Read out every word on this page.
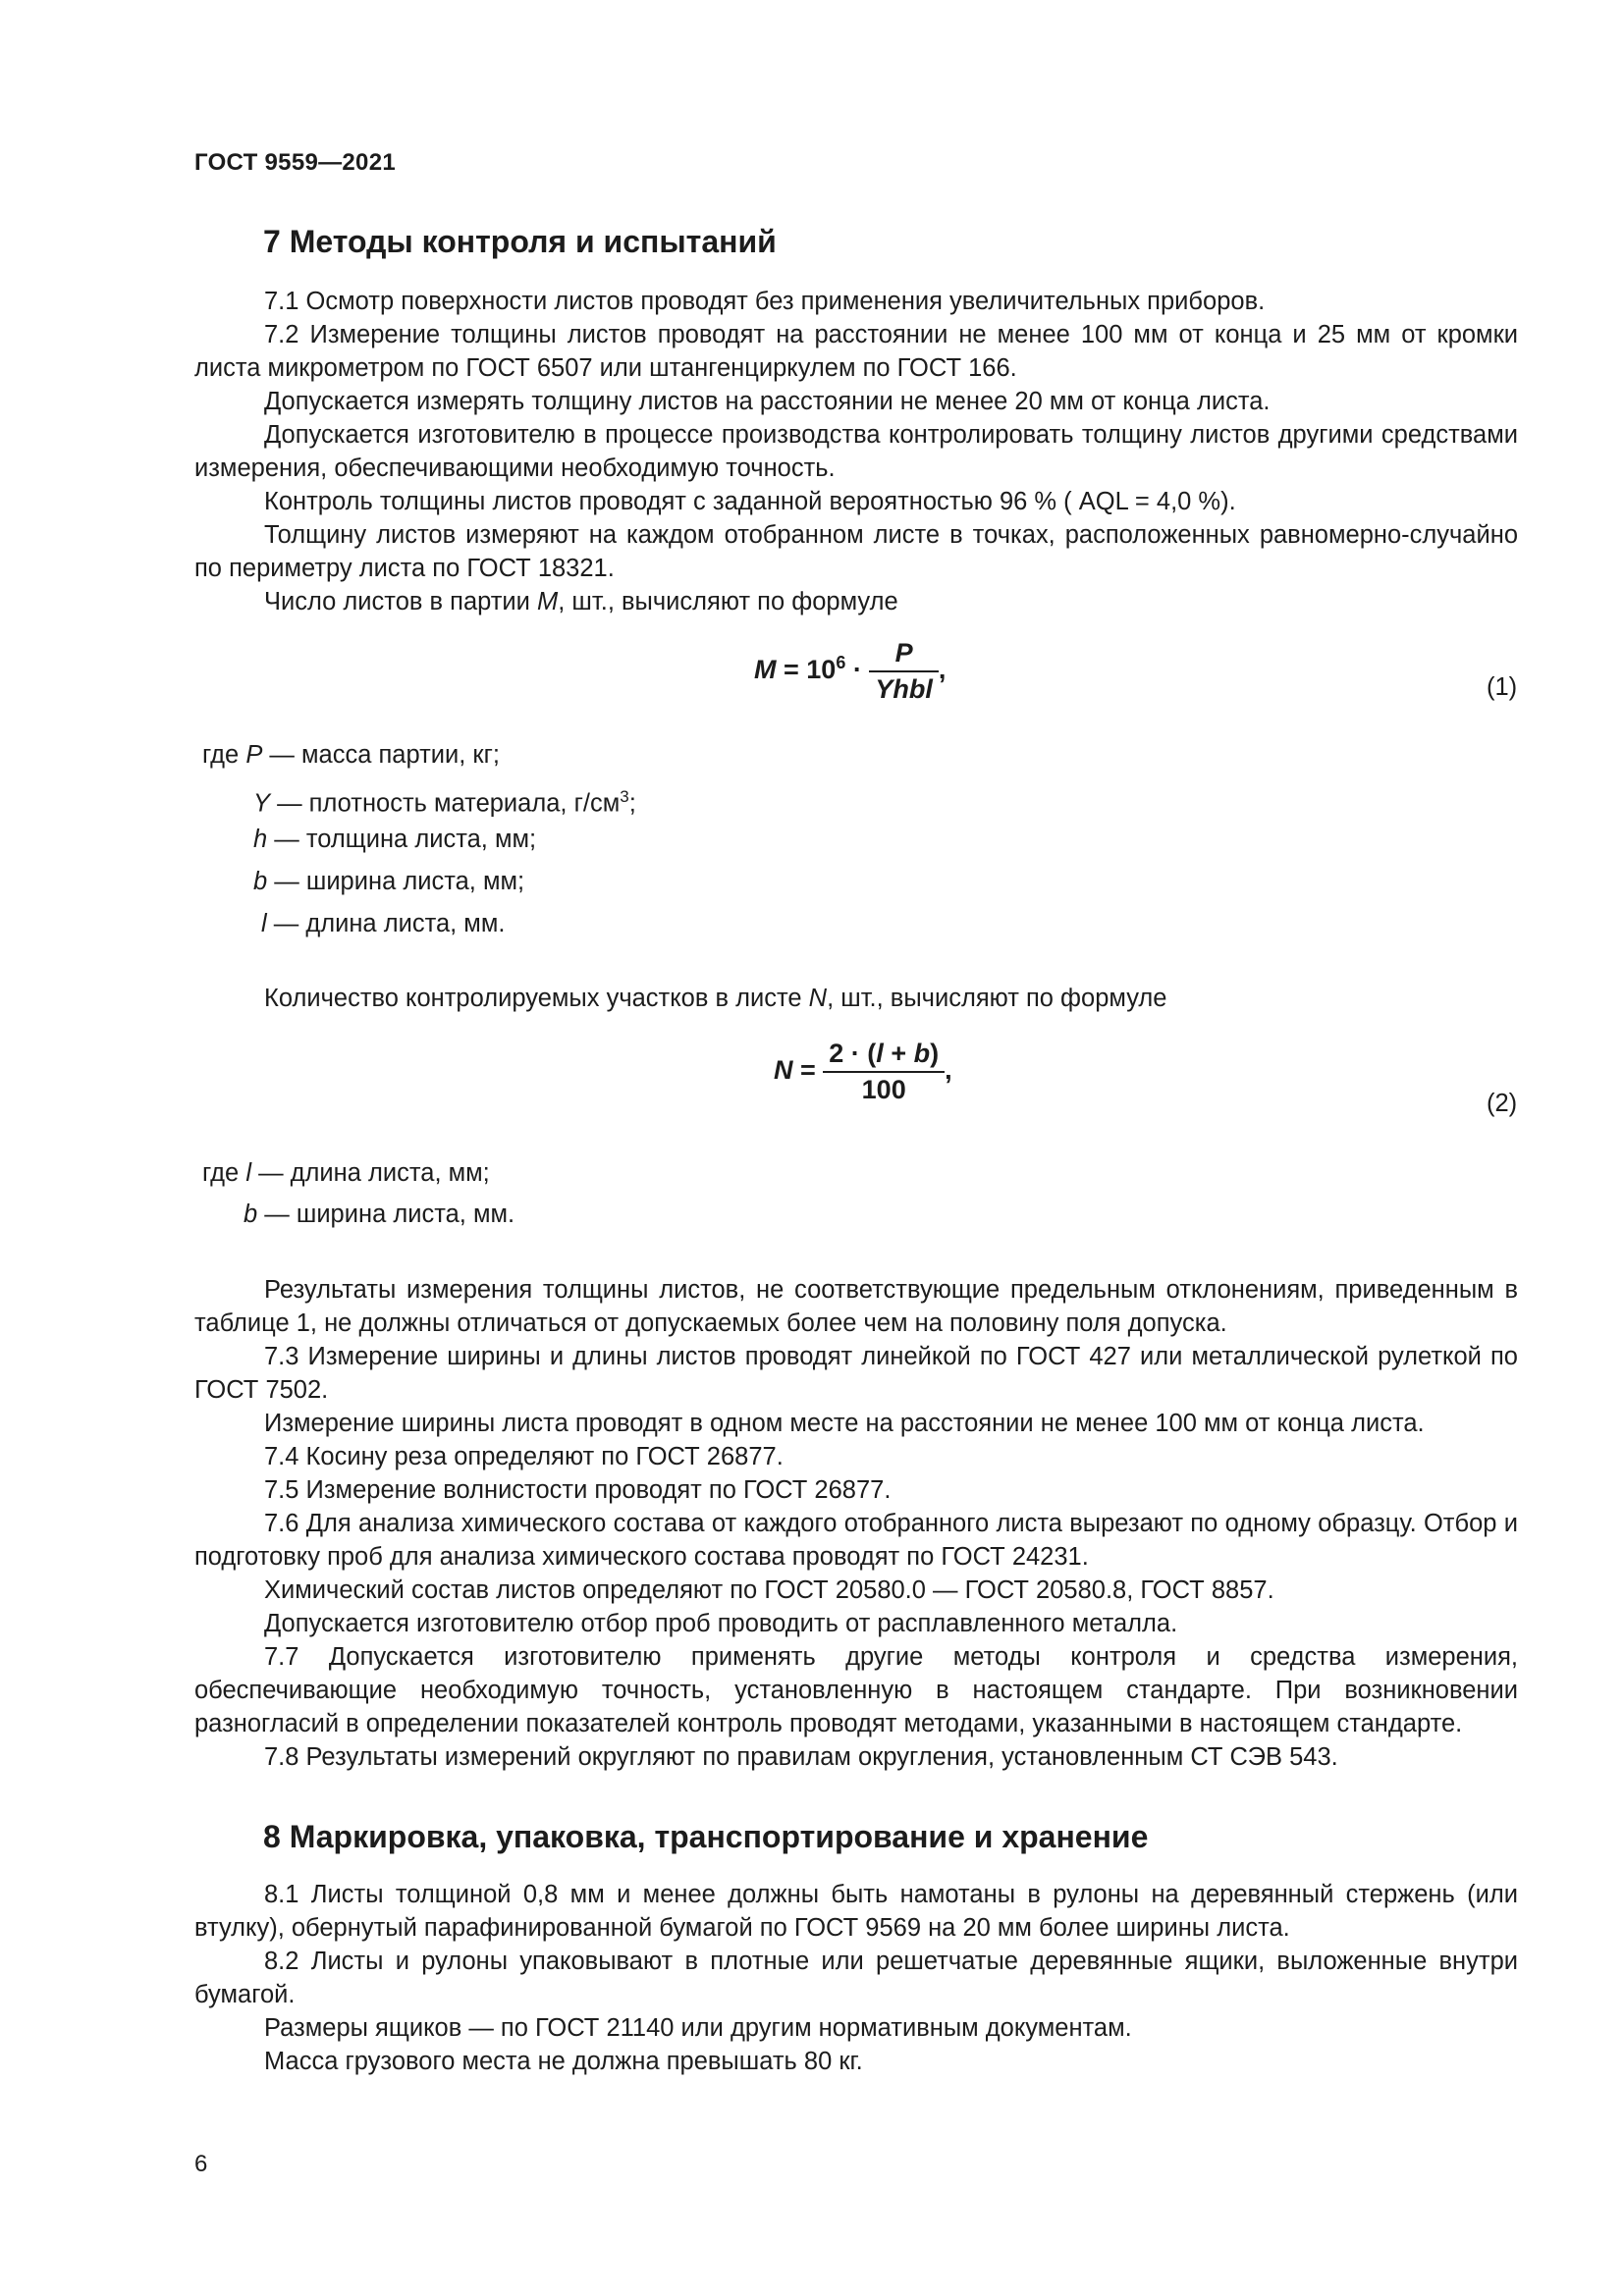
ГОСТ 9559—2021
7 Методы контроля и испытаний

7.1 Осмотр поверхности листов проводят без применения увеличительных приборов.

7.2 Измерение толщины листов проводят на расстоянии не менее 100 мм от конца и 25 мм от кромки листа микрометром по ГОСТ 6507 или штангенциркулем по ГОСТ 166.

Допускается измерять толщину листов на расстоянии не менее 20 мм от конца листа.

Допускается изготовителю в процессе производства контролировать толщину листов другими средствами измерения, обеспечивающими необходимую точность.

Контроль толщины листов проводят с заданной вероятностью 96 % ( AQL = 4,0 %).

Толщину листов измеряют на каждом отобранном листе в точках, расположенных равномерно-случайно по периметру листа по ГОСТ 18321.

Число листов в партии M, шт., вычисляют по формуле

$M = 10^6 \cdot \frac{P}{\text{Yhbl}}$ ,
(1)
где P — масса партии, кг;
Y — плотность материала, $г/см^3$;
h — толщина листа, мм;
b — ширина листа, мм;
l — длина листа, мм.

Количество контролируемых участков в листе N, шт., вычисляют по формуле

$N = \frac{2 \cdot (l + b)}{100}$ ,
(2)
где l — длина листа, мм;
b — ширина листа, мм.

Результаты измерения толщины листов, не соответствующие предельным отклонениям, приведенным в таблице 1, не должны отличаться от допускаемых более чем на половину поля допуска.

7.3 Измерение ширины и длины листов проводят линейкой по ГОСТ 427 или металлической рулеткой по ГОСТ 7502.

Измерение ширины листа проводят в одном месте на расстоянии не менее 100 мм от конца листа.

7.4 Косину реза определяют по ГОСТ 26877.

7.5 Измерение волнистости проводят по ГОСТ 26877.

7.6 Для анализа химического состава от каждого отобранного листа вырезают по одному образцу. Отбор и подготовку проб для анализа химического состава проводят по ГОСТ 24231.

Химический состав листов определяют по ГОСТ 20580.0 — ГОСТ 20580.8, ГОСТ 8857.

Допускается изготовителю отбор проб проводить от расплавленного металла.

7.7 Допускается изготовителю применять другие методы контроля и средства измерения, обеспечивающие необходимую точность, установленную в настоящем стандарте. При возникновении разногласий в определении показателей контроль проводят методами, указанными в настоящем стандарте.

7.8 Результаты измерений округляют по правилам округления, установленным СТ СЭВ 543.

8 Маркировка, упаковка, транспортирование и хранение

8.1 Листы толщиной 0,8 мм и менее должны быть намотаны в рулоны на деревянный стержень (или втулку), обернутый парафинированной бумагой по ГОСТ 9569 на 20 мм более ширины листа.

8.2 Листы и рулоны упаковывают в плотные или решетчатые деревянные ящики, выложенные внутри бумагой.

Размеры ящиков — по ГОСТ 21140 или другим нормативным документам.

Масса грузового места не должна превышать 80 кг.

6
